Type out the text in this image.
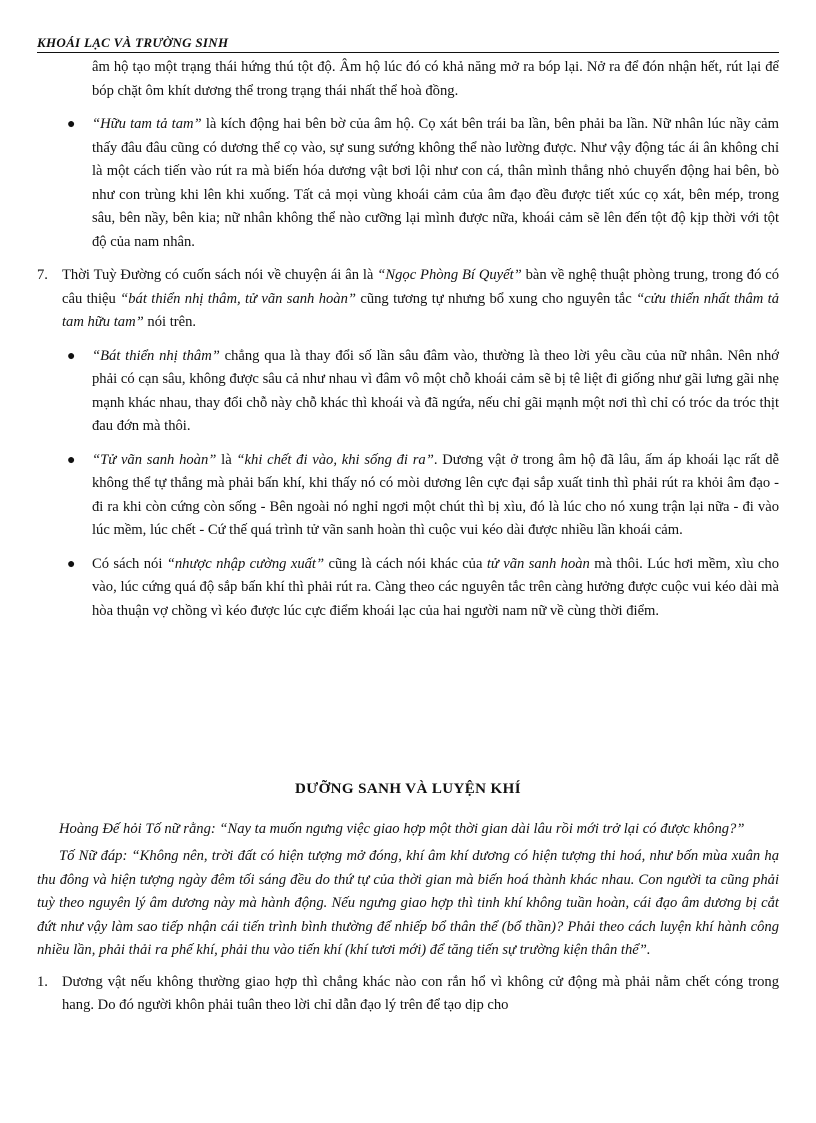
KHOÁI LẠC VÀ TRƯỜNG SINH

âm hộ tạo một trạng thái hứng thú tột độ. Âm hộ lúc đó có khả năng mở ra bóp lại. Nở ra để đón nhận hết, rút lại để bóp chặt ôm khít dương thể trong trạng thái nhất thể hoà đồng.

● “Hữu tam tả tam” là kích động hai bên bờ của âm hộ. Cọ xát bên trái ba lần, bên phải ba lần. Nữ nhân lúc nầy cảm thấy đâu đâu cũng có dương thể cọ vào, sự sung sướng không thể nào lường được. Như vậy động tác ái ân không chỉ là một cách tiến vào rút ra mà biến hóa dương vật bơi lội như con cá, thân mình thẳng nhỏ chuyển động hai bên, bò như con trùng khi lên khi xuống. Tất cả mọi vùng khoái cảm của âm đạo đều được tiết xúc cọ xát, bên mép, trong sâu, bên nầy, bên kia; nữ nhân không thể nào cưỡng lại mình được nữa, khoái cảm sẽ lên đến tột độ kịp thời với tột độ của nam nhân.
7. Thời Tuỳ Đường có cuốn sách nói về chuyện ái ân là “Ngọc Phòng Bí Quyết” bàn về nghệ thuật phòng trung, trong đó có câu thiệu “bát thiển nhị thâm, tử vãn sanh hoàn” cũng tương tự nhưng bổ xung cho nguyên tắc “cửu thiển nhất thâm tả tam hữu tam” nói trên.
● “Bát thiển nhị thâm” chẳng qua là thay đổi số lần sâu đâm vào, thường là theo lời yêu cầu của nữ nhân. Nên nhớ phải có cạn sâu, không được sâu cả như nhau vì đâm vô một chỗ khoái cảm sẽ bị tê liệt đi giống như gãi lưng gãi nhẹ mạnh khác nhau, thay đổi chỗ này chỗ khác thì khoái và đã ngứa, nếu chỉ gãi mạnh một nơi thì chỉ có tróc da tróc thịt đau đớn mà thôi.
● “Tử vãn sanh hoàn” là “khi chết đi vào, khi sống đi ra”. Dương vật ở trong âm hộ đã lâu, ấm áp khoái lạc rất dễ không thể tự thắng mà phải bấn khí, khi thấy nó có mòi dương lên cực đại sắp xuất tinh thì phải rút ra khỏi âm đạo - đi ra khi còn cứng còn sống - Bên ngoài nó nghỉ ngơi một chút thì bị xìu, đó là lúc cho nó xung trận lại nữa - đi vào lúc mềm, lúc chết - Cứ thế quá trình tử vãn sanh hoàn thì cuộc vui kéo dài được nhiều lần khoái cảm.
● Có sách nói “nhược nhập cường xuất” cũng là cách nói khác của tử vãn sanh hoàn mà thôi. Lúc hơi mềm, xìu cho vào, lúc cứng quá độ sắp bấn khí thì phải rút ra. Càng theo các nguyên tắc trên càng hưởng được cuộc vui kéo dài mà hòa thuận vợ chồng vì kéo được lúc cực điểm khoái lạc của hai người nam nữ về cùng thời điểm.
DƯỠNG SANH VÀ LUYỆN KHÍ

Hoàng Đế hỏi Tố nữ rằng: “Nay ta muốn ngưng việc giao hợp một thời gian dài lâu rồi mới trở lại có được không?”

Tố Nữ đáp: “Không nên, trời đất có hiện tượng mở đóng, khí âm khí dương có hiện tượng thi hoá, như bốn mùa xuân hạ thu đông và hiện tượng ngày đêm tối sáng đều do thứ tự của thời gian mà biến hoá thành khác nhau. Con người ta cũng phải tuỳ theo nguyên lý âm dương này mà hành động. Nếu ngưng giao hợp thì tinh khí không tuần hoàn, cái đạo âm dương bị cắt đứt như vậy làm sao tiếp nhận cái tiến trình bình thường để nhiếp bổ thân thể (bổ thần)? Phải theo cách luyện khí hành công nhiều lần, phải thải ra phế khí, phải thu vào tiến khí (khí tươi mới) để tăng tiến sự trường kiện thân thể”.

1. Dương vật nếu không thường giao hợp thì chẳng khác nào con rắn hổ vì không cử động mà phải nằm chết cóng trong hang. Do đó người khôn phải tuân theo lời chỉ dẫn đạo lý trên để tạo dịp cho
